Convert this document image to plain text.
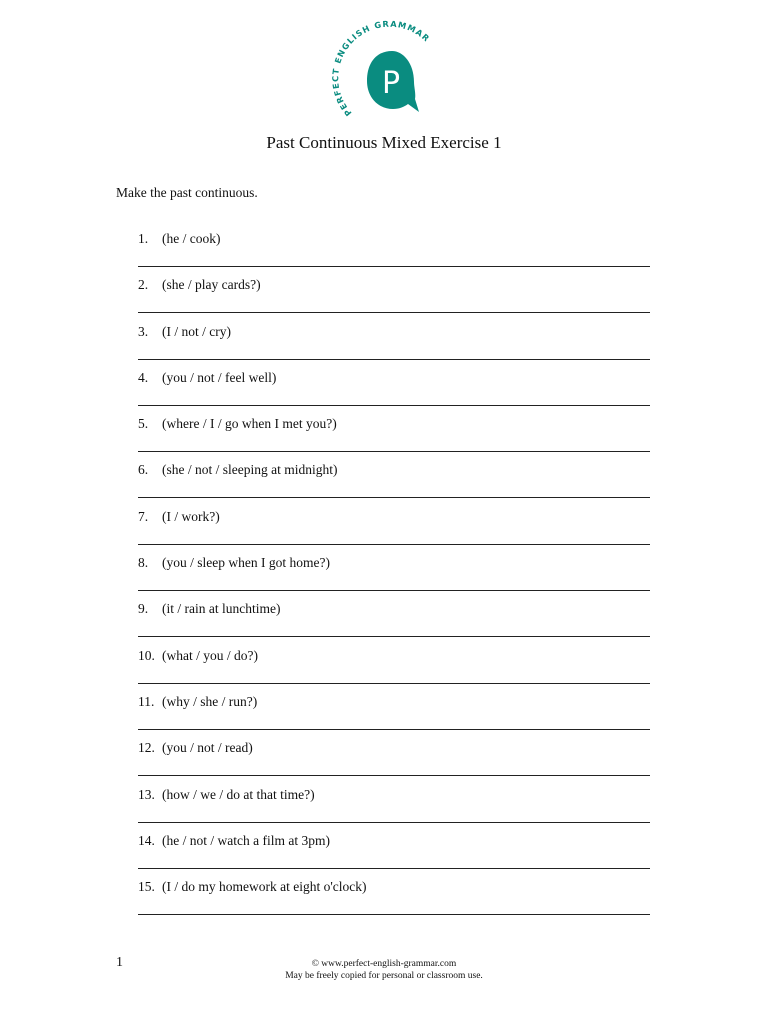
PERFECT ENGLISH GRAMMAR
P
Past Continuous Mixed Exercise 1
Make the past continuous.
1. (he / cook)
2. (she / play cards?)
3. (I / not / cry)
4. (you / not / feel well)
5. (where / I / go when I met you?)
6. (she / not / sleeping at midnight)
7. (I / work?)
8. (you / sleep when I got home?)
9. (it / rain at lunchtime)
10. (what / you / do?)
11. (why / she / run?)
12. (you / not / read)
13. (how / we / do at that time?)
14. (he / not / watch a film at 3pm)
15. (I / do my homework at eight o'clock)
1	© www.perfect-english-grammar.com
May be freely copied for personal or classroom use.
